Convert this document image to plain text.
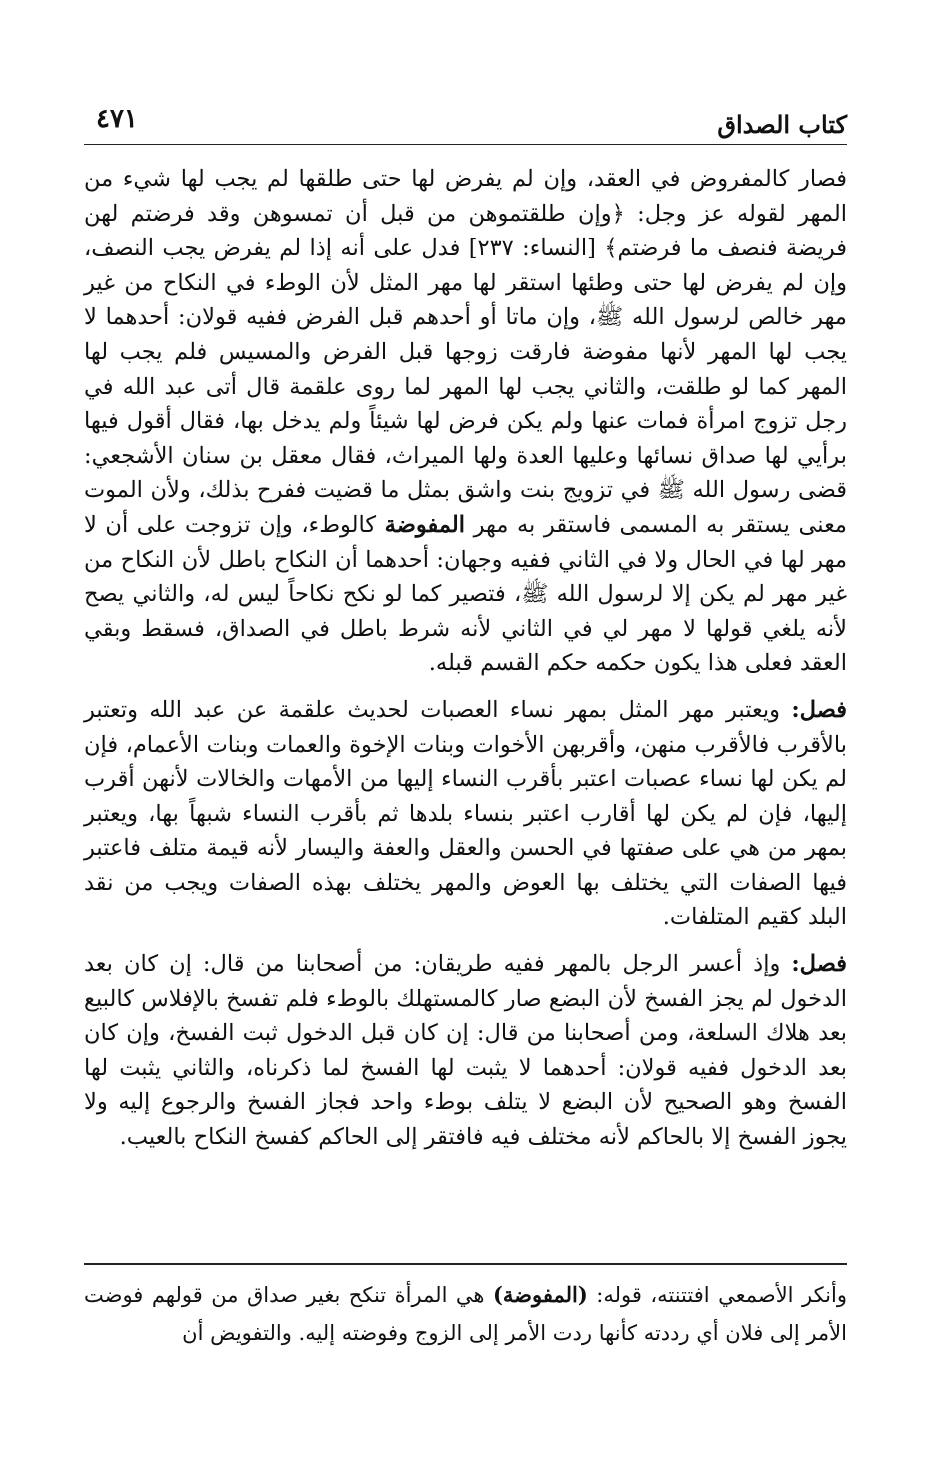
٤٧١	كتاب الصداق

فصار كالمفروض في العقد، وإن لم يفرض لها حتى طلقها لم يجب لها شيء من المهر لقوله عز وجل: ﴿وإن طلقتموهن من قبل أن تمسوهن وقد فرضتم لهن فريضة فنصف ما فرضتم﴾ [النساء: ٢٣٧] فدل على أنه إذا لم يفرض يجب النصف، وإن لم يفرض لها حتى وطئها استقر لها مهر المثل لأن الوطء في النكاح من غير مهر خالص لرسول الله ﷺ، وإن ماتا أو أحدهم قبل الفرض ففيه قولان: أحدهما لا يجب لها المهر لأنها مفوضة فارقت زوجها قبل الفرض والمسيس فلم يجب لها المهر كما لو طلقت، والثاني يجب لها المهر لما روى علقمة قال أتى عبد الله في رجل تزوج امرأة فمات عنها ولم يكن فرض لها شيئاً ولم يدخل بها، فقال أقول فيها برأيي لها صداق نسائها وعليها العدة ولها الميراث، فقال معقل بن سنان الأشجعي: قضى رسول الله ﷺ في تزويج بنت واشق بمثل ما قضيت ففرح بذلك، ولأن الموت معنى يستقر به المسمى فاستقر به مهر المفوضة كالوطء، وإن تزوجت على أن لا مهر لها في الحال ولا في الثاني ففيه وجهان: أحدهما أن النكاح باطل لأن النكاح من غير مهر لم يكن إلا لرسول الله ﷺ، فتصير كما لو نكح نكاحاً ليس له، والثاني يصح لأنه يلغي قولها لا مهر لي في الثاني لأنه شرط باطل في الصداق، فسقط وبقي العقد فعلى هذا يكون حكمه حكم القسم قبله.

فصل: ويعتبر مهر المثل بمهر نساء العصبات لحديث علقمة عن عبد الله وتعتبر بالأقرب فالأقرب منهن، وأقربهن الأخوات وبنات الإخوة والعمات وبنات الأعمام، فإن لم يكن لها نساء عصبات اعتبر بأقرب النساء إليها من الأمهات والخالات لأنهن أقرب إليها، فإن لم يكن لها أقارب اعتبر بنساء بلدها ثم بأقرب النساء شبهاً بها، ويعتبر بمهر من هي على صفتها في الحسن والعقل والعفة واليسار لأنه قيمة متلف فاعتبر فيها الصفات التي يختلف بها العوض والمهر يختلف بهذه الصفات ويجب من نقد البلد كقيم المتلفات.

فصل: وإذ أعسر الرجل بالمهر ففيه طريقان: من أصحابنا من قال: إن كان بعد الدخول لم يجز الفسخ لأن البضع صار كالمستهلك بالوطء فلم تفسخ بالإفلاس كالبيع بعد هلاك السلعة، ومن أصحابنا من قال: إن كان قبل الدخول ثبت الفسخ، وإن كان بعد الدخول ففيه قولان: أحدهما لا يثبت لها الفسخ لما ذكرناه، والثاني يثبت لها الفسخ وهو الصحيح لأن البضع لا يتلف بوطء واحد فجاز الفسخ والرجوع إليه ولا يجوز الفسخ إلا بالحاكم لأنه مختلف فيه فافتقر إلى الحاكم كفسخ النكاح بالعيب.

وأنكر الأصمعي افتتنته، قوله: (المفوضة) هي المرأة تنكح بغير صداق من قولهم فوضت الأمر إلى فلان أي رددته كأنها ردت الأمر إلى الزوج وفوضته إليه. والتفويض أن
